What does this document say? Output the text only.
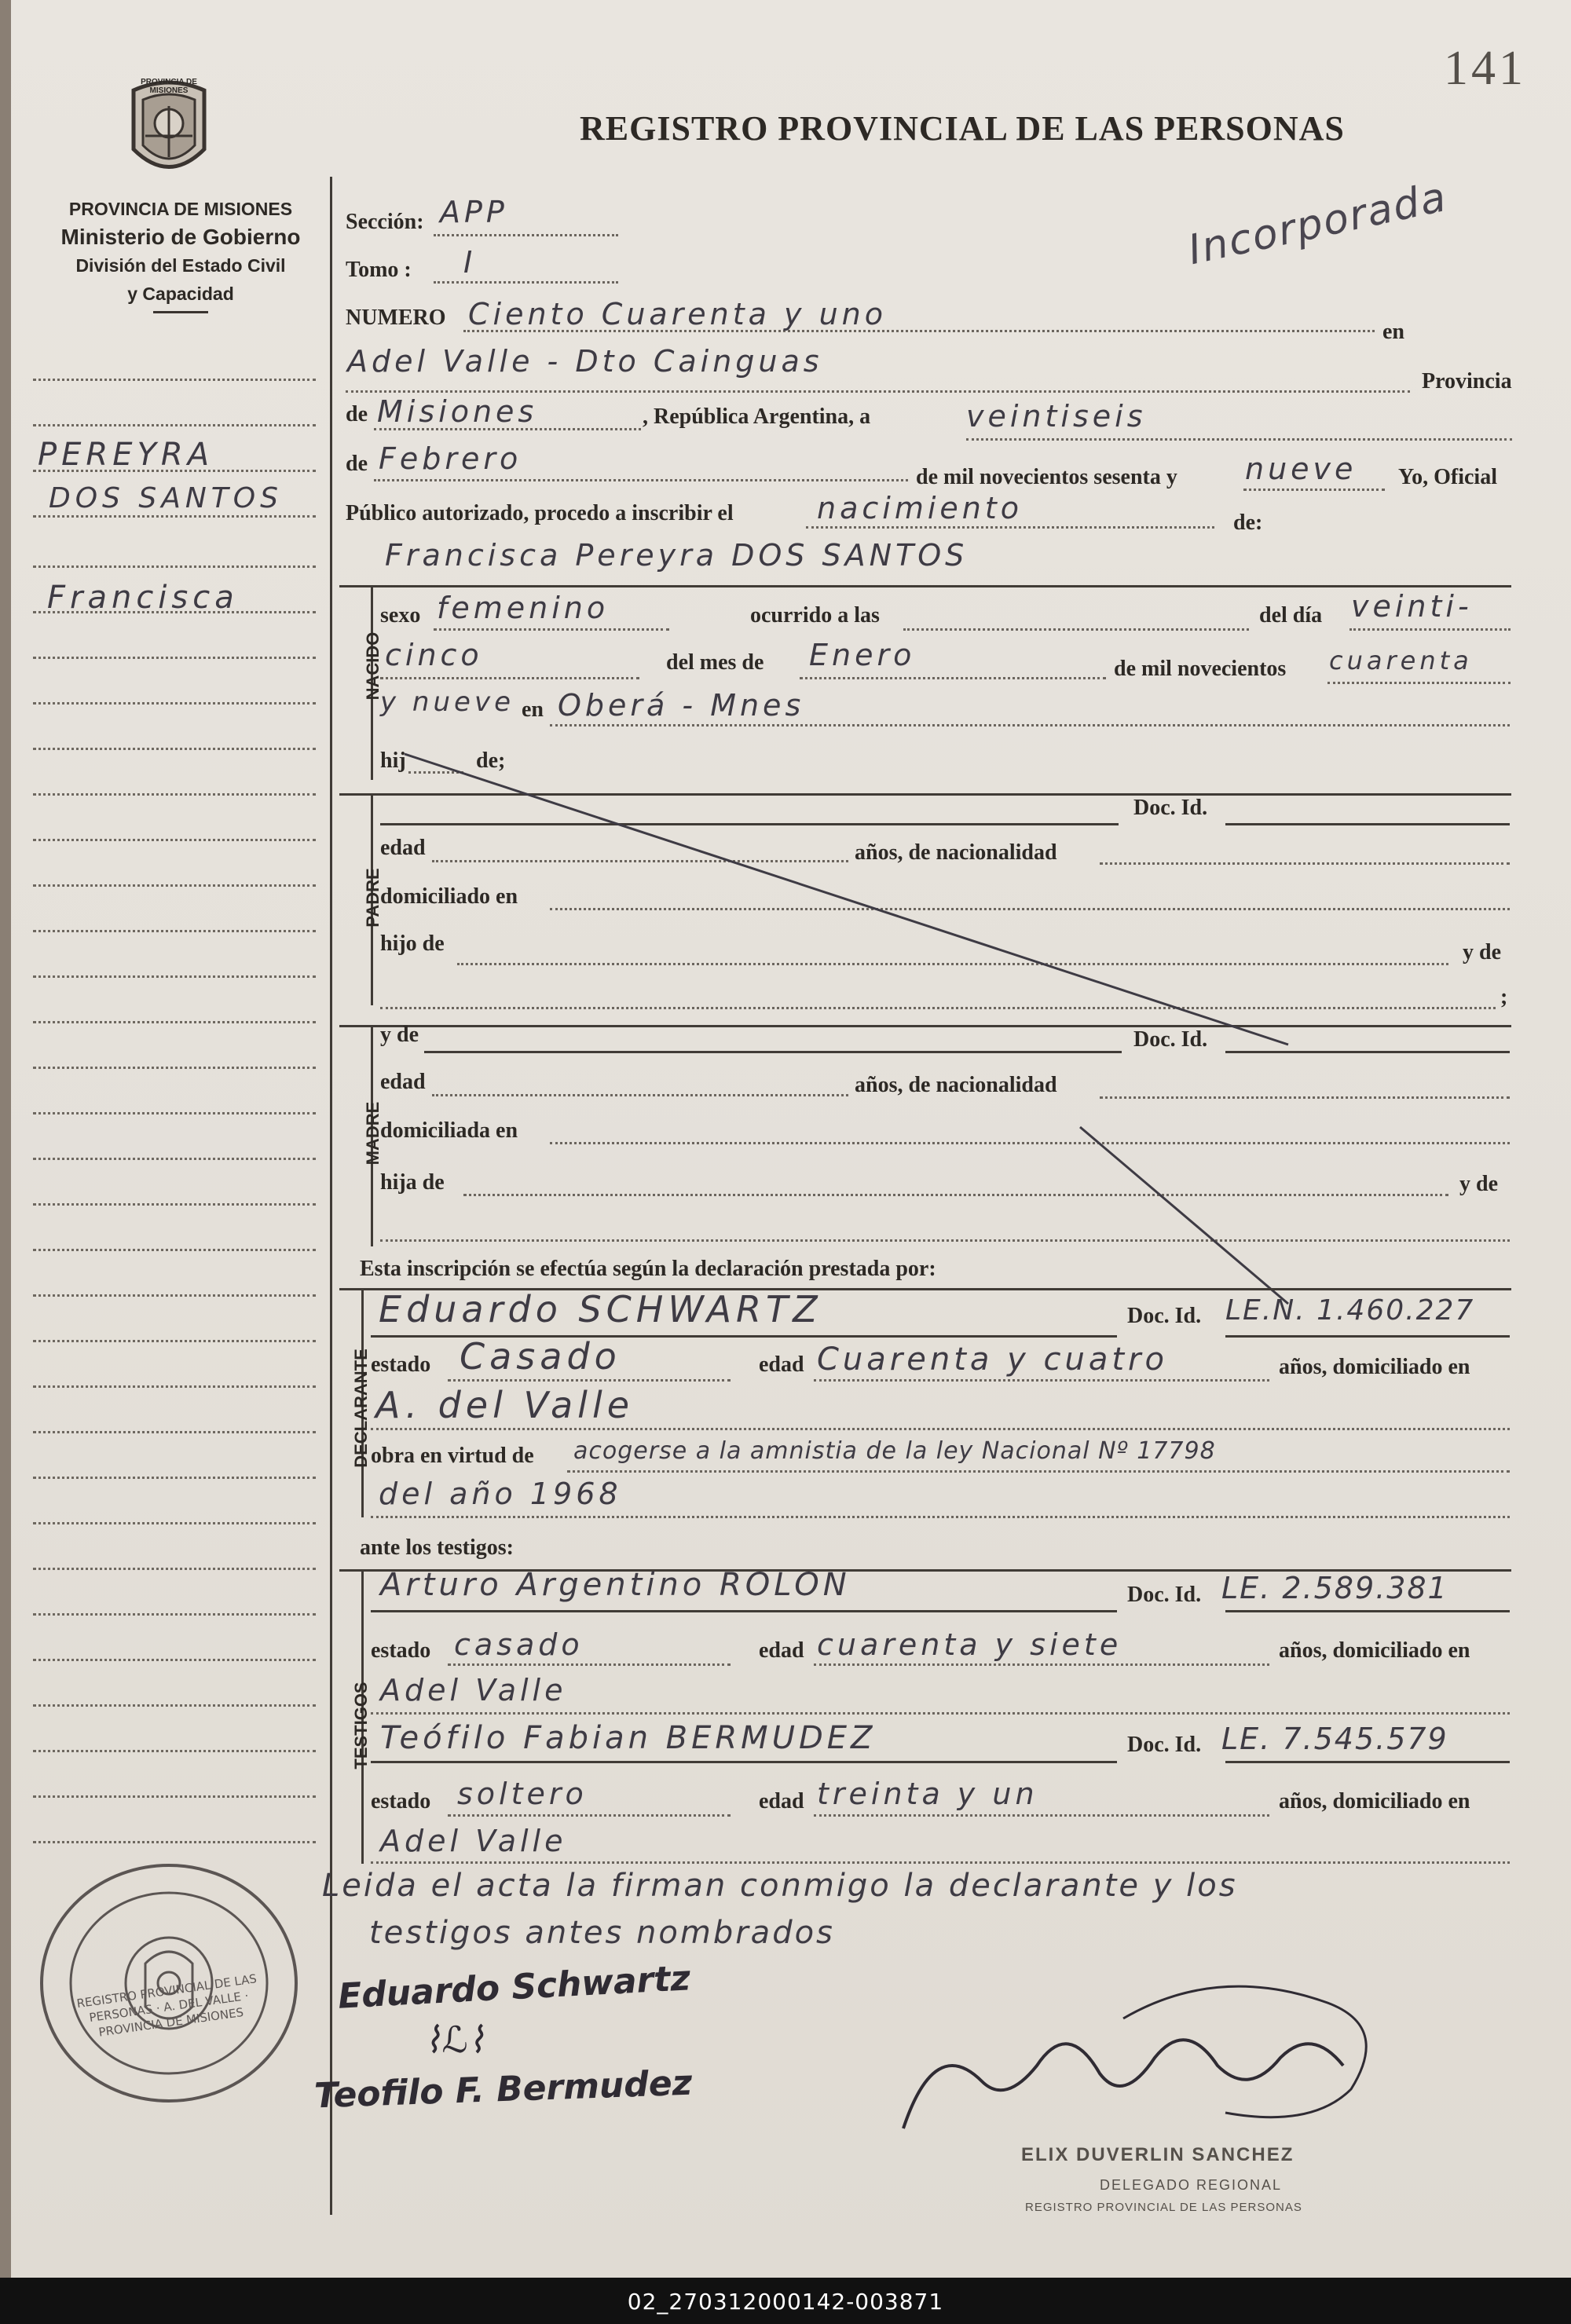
141
PROVINCIA DE MISIONES
PROVINCIA DE MISIONES
Ministerio de Gobierno
División del Estado Civil
y Capacidad
REGISTRO PROVINCIAL DE LAS PERSONAS
Incorporada
PEREYRA
DOS SANTOS
Francisca
Sección: APP
Tomo : I
NUMERO Ciento Cuarenta y uno
en
Adel Valle - Dto Cainguas
Provincia
de Misiones	, República Argentina, a	veintiseis
de Febrero
de mil novecientos sesenta y nueve Yo, Oficial
Público autorizado, procedo a inscribir el	nacimiento	de:
NACIDO
Francisca Pereyra DOS SANTOS
sexo femenino	ocurrido a las	del día veinti-
cinco	del mes de Enero	de mil novecientos cuarenta
y nueve en Oberá - Mnes
hij	de;
PADRE
Doc. Id.
edad	años, de nacionalidad
domiciliado en
hijo de	y de
;
MADRE
y de	Doc. Id.
edad	años, de nacionalidad
domiciliada en
hija de	y de
Esta inscripción se efectúa según la declaración prestada por:
DECLARANTE
Eduardo SCHWARTZ	Doc. Id. LE.N. 1.460.227
estado Casado	edad Cuarenta y cuatro	años, domiciliado en
A. del Valle
obra en virtud de acogerse a la amnistia de la ley Nacional Nº 17798
del año 1968
ante los testigos:
TESTIGOS
Arturo Argentino ROLON	Doc. Id. LE. 2.589.381
estado casado	edad cuarenta y siete	años, domiciliado en
Adel Valle
Teófilo Fabian BERMUDEZ	Doc. Id. LE. 7.545.579
estado soltero	edad treinta y un	años, domiciliado en
Adel Valle
Leida el acta la firman conmigo la declarante y los
testigos antes nombrados
REGISTRO PROVINCIAL DE LAS PERSONAS · A. DEL VALLE · PROVINCIA DE MISIONES
Eduardo Schwartz
⌇ℒ⌇
Teofilo F. Bermudez
ELIX DUVERLIN SANCHEZ
DELEGADO REGIONAL
REGISTRO PROVINCIAL DE LAS PERSONAS
02_270312000142-003871
